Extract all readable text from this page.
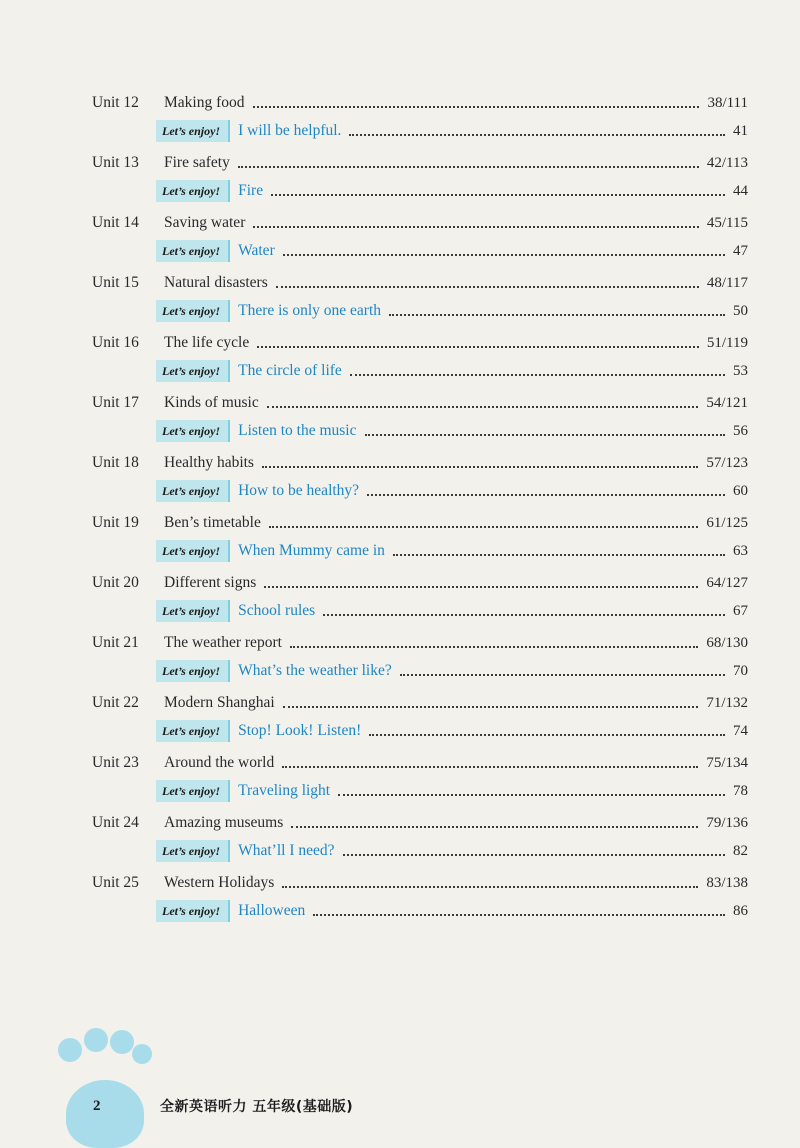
Unit 12	Making food	38/111
Let’s enjoy!	I will be helpful.	41
Unit 13	Fire safety	42/113
Let’s enjoy!	Fire	44
Unit 14	Saving water	45/115
Let’s enjoy!	Water	47
Unit 15	Natural disasters	48/117
Let’s enjoy!	There is only one earth	50
Unit 16	The life cycle	51/119
Let’s enjoy!	The circle of life	53
Unit 17	Kinds of music	54/121
Let’s enjoy!	Listen to the music	56
Unit 18	Healthy habits	57/123
Let’s enjoy!	How to be healthy?	60
Unit 19	Ben’s timetable	61/125
Let’s enjoy!	When Mummy came in	63
Unit 20	Different signs	64/127
Let’s enjoy!	School rules	67
Unit 21	The weather report	68/130
Let’s enjoy!	What’s the weather like?	70
Unit 22	Modern Shanghai	71/132
Let’s enjoy!	Stop! Look! Listen!	74
Unit 23	Around the world	75/134
Let’s enjoy!	Traveling light	78
Unit 24	Amazing museums	79/136
Let’s enjoy!	What’ll I need?	82
Unit 25	Western Holidays	83/138
Let’s enjoy!	Halloween	86
2	全新英语听力 五年级(基础版)
